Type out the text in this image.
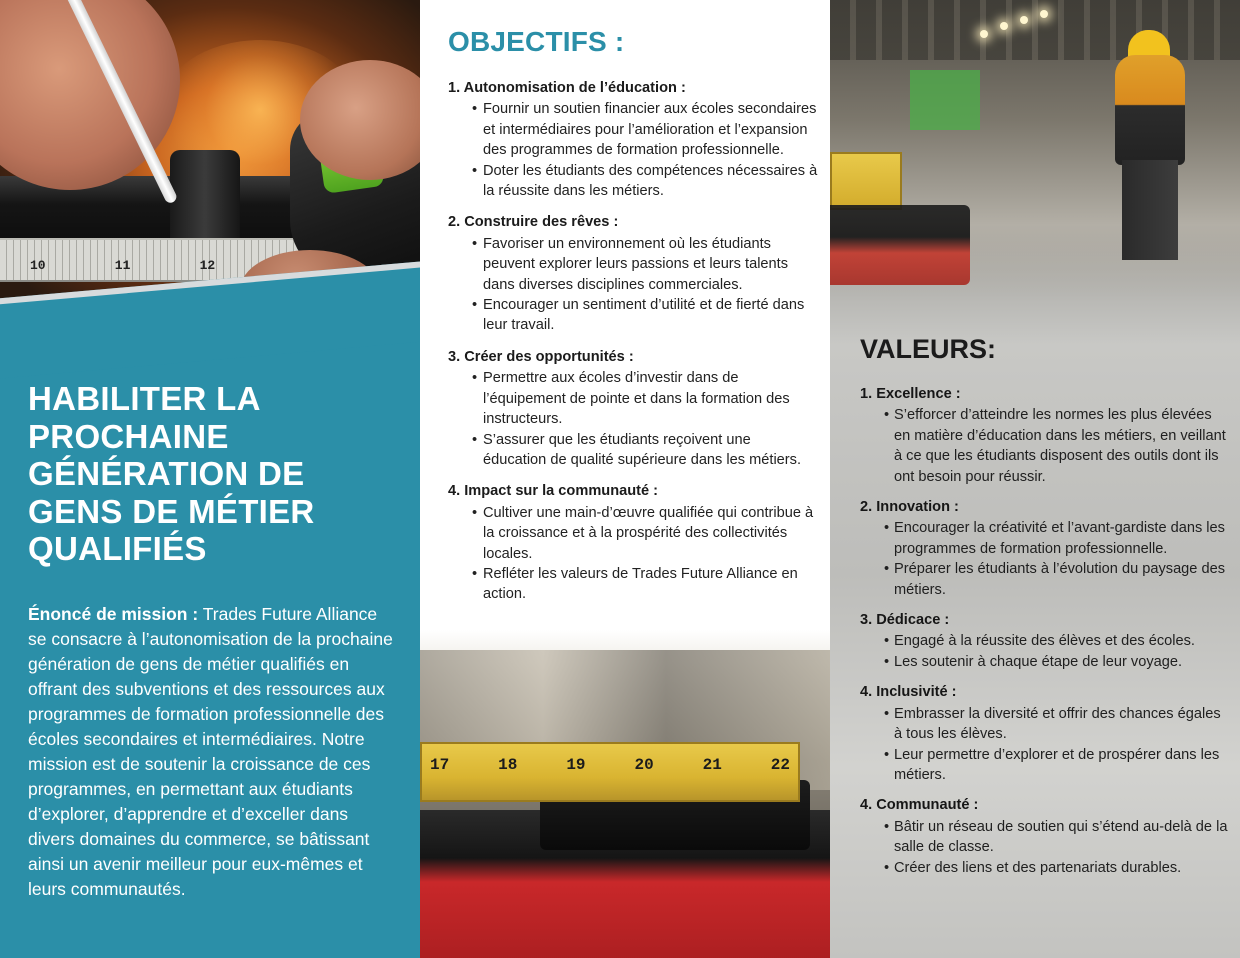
10	11	12
HABILITER LA PROCHAINE GÉNÉRATION DE GENS DE MÉTIER QUALIFIÉS

Énoncé de mission : Trades Future Alliance se consacre à l’autonomisation de la prochaine génération de gens de métier qualifiés en offrant des subventions et des ressources aux programmes de formation professionnelle des écoles secondaires et intermédiaires. Notre mission est de soutenir la croissance de ces programmes, en permettant aux étudiants d’explorer, d’apprendre et d’exceller dans divers domaines du commerce, se bâtissant ainsi un avenir meilleur pour eux-mêmes et leurs communautés.

OBJECTIFS :
1. Autonomisation de l’éducation :
• Fournir un soutien financier aux écoles secondaires et intermédiaires pour l’amélioration et l’expansion des programmes de formation professionnelle.
• Doter les étudiants des compétences nécessaires à la réussite dans les métiers.
2. Construire des rêves :
• Favoriser un environnement où les étudiants peuvent explorer leurs passions et leurs talents dans diverses disciplines commerciales.
• Encourager un sentiment d’utilité et de fierté dans leur travail.
3. Créer des opportunités :
• Permettre aux écoles d’investir dans de l’équipement de pointe et dans la formation des instructeurs.
• S’assurer que les étudiants reçoivent une éducation de qualité supérieure dans les métiers.
4. Impact sur la communauté :
• Cultiver une main-d’œuvre qualifiée qui contribue à la croissance et à la prospérité des collectivités locales.
• Refléter les valeurs de Trades Future Alliance en action.
17	18	19	20	21	22
VALEURS:
1. Excellence :
• S’efforcer d’atteindre les normes les plus élevées en matière d’éducation dans les métiers, en veillant à ce que les étudiants disposent des outils dont ils ont besoin pour réussir.
2. Innovation :
• Encourager la créativité et l’avant-gardiste dans les programmes de formation professionnelle.
• Préparer les étudiants à l’évolution du paysage des métiers.
3. Dédicace :
• Engagé à la réussite des élèves et des écoles.
• Les soutenir à chaque étape de leur voyage.
4. Inclusivité :
• Embrasser la diversité et offrir des chances égales à tous les élèves.
• Leur permettre d’explorer et de prospérer dans les métiers.
4. Communauté :
• Bâtir un réseau de soutien qui s’étend au-delà de la salle de classe.
• Créer des liens et des partenariats durables.
